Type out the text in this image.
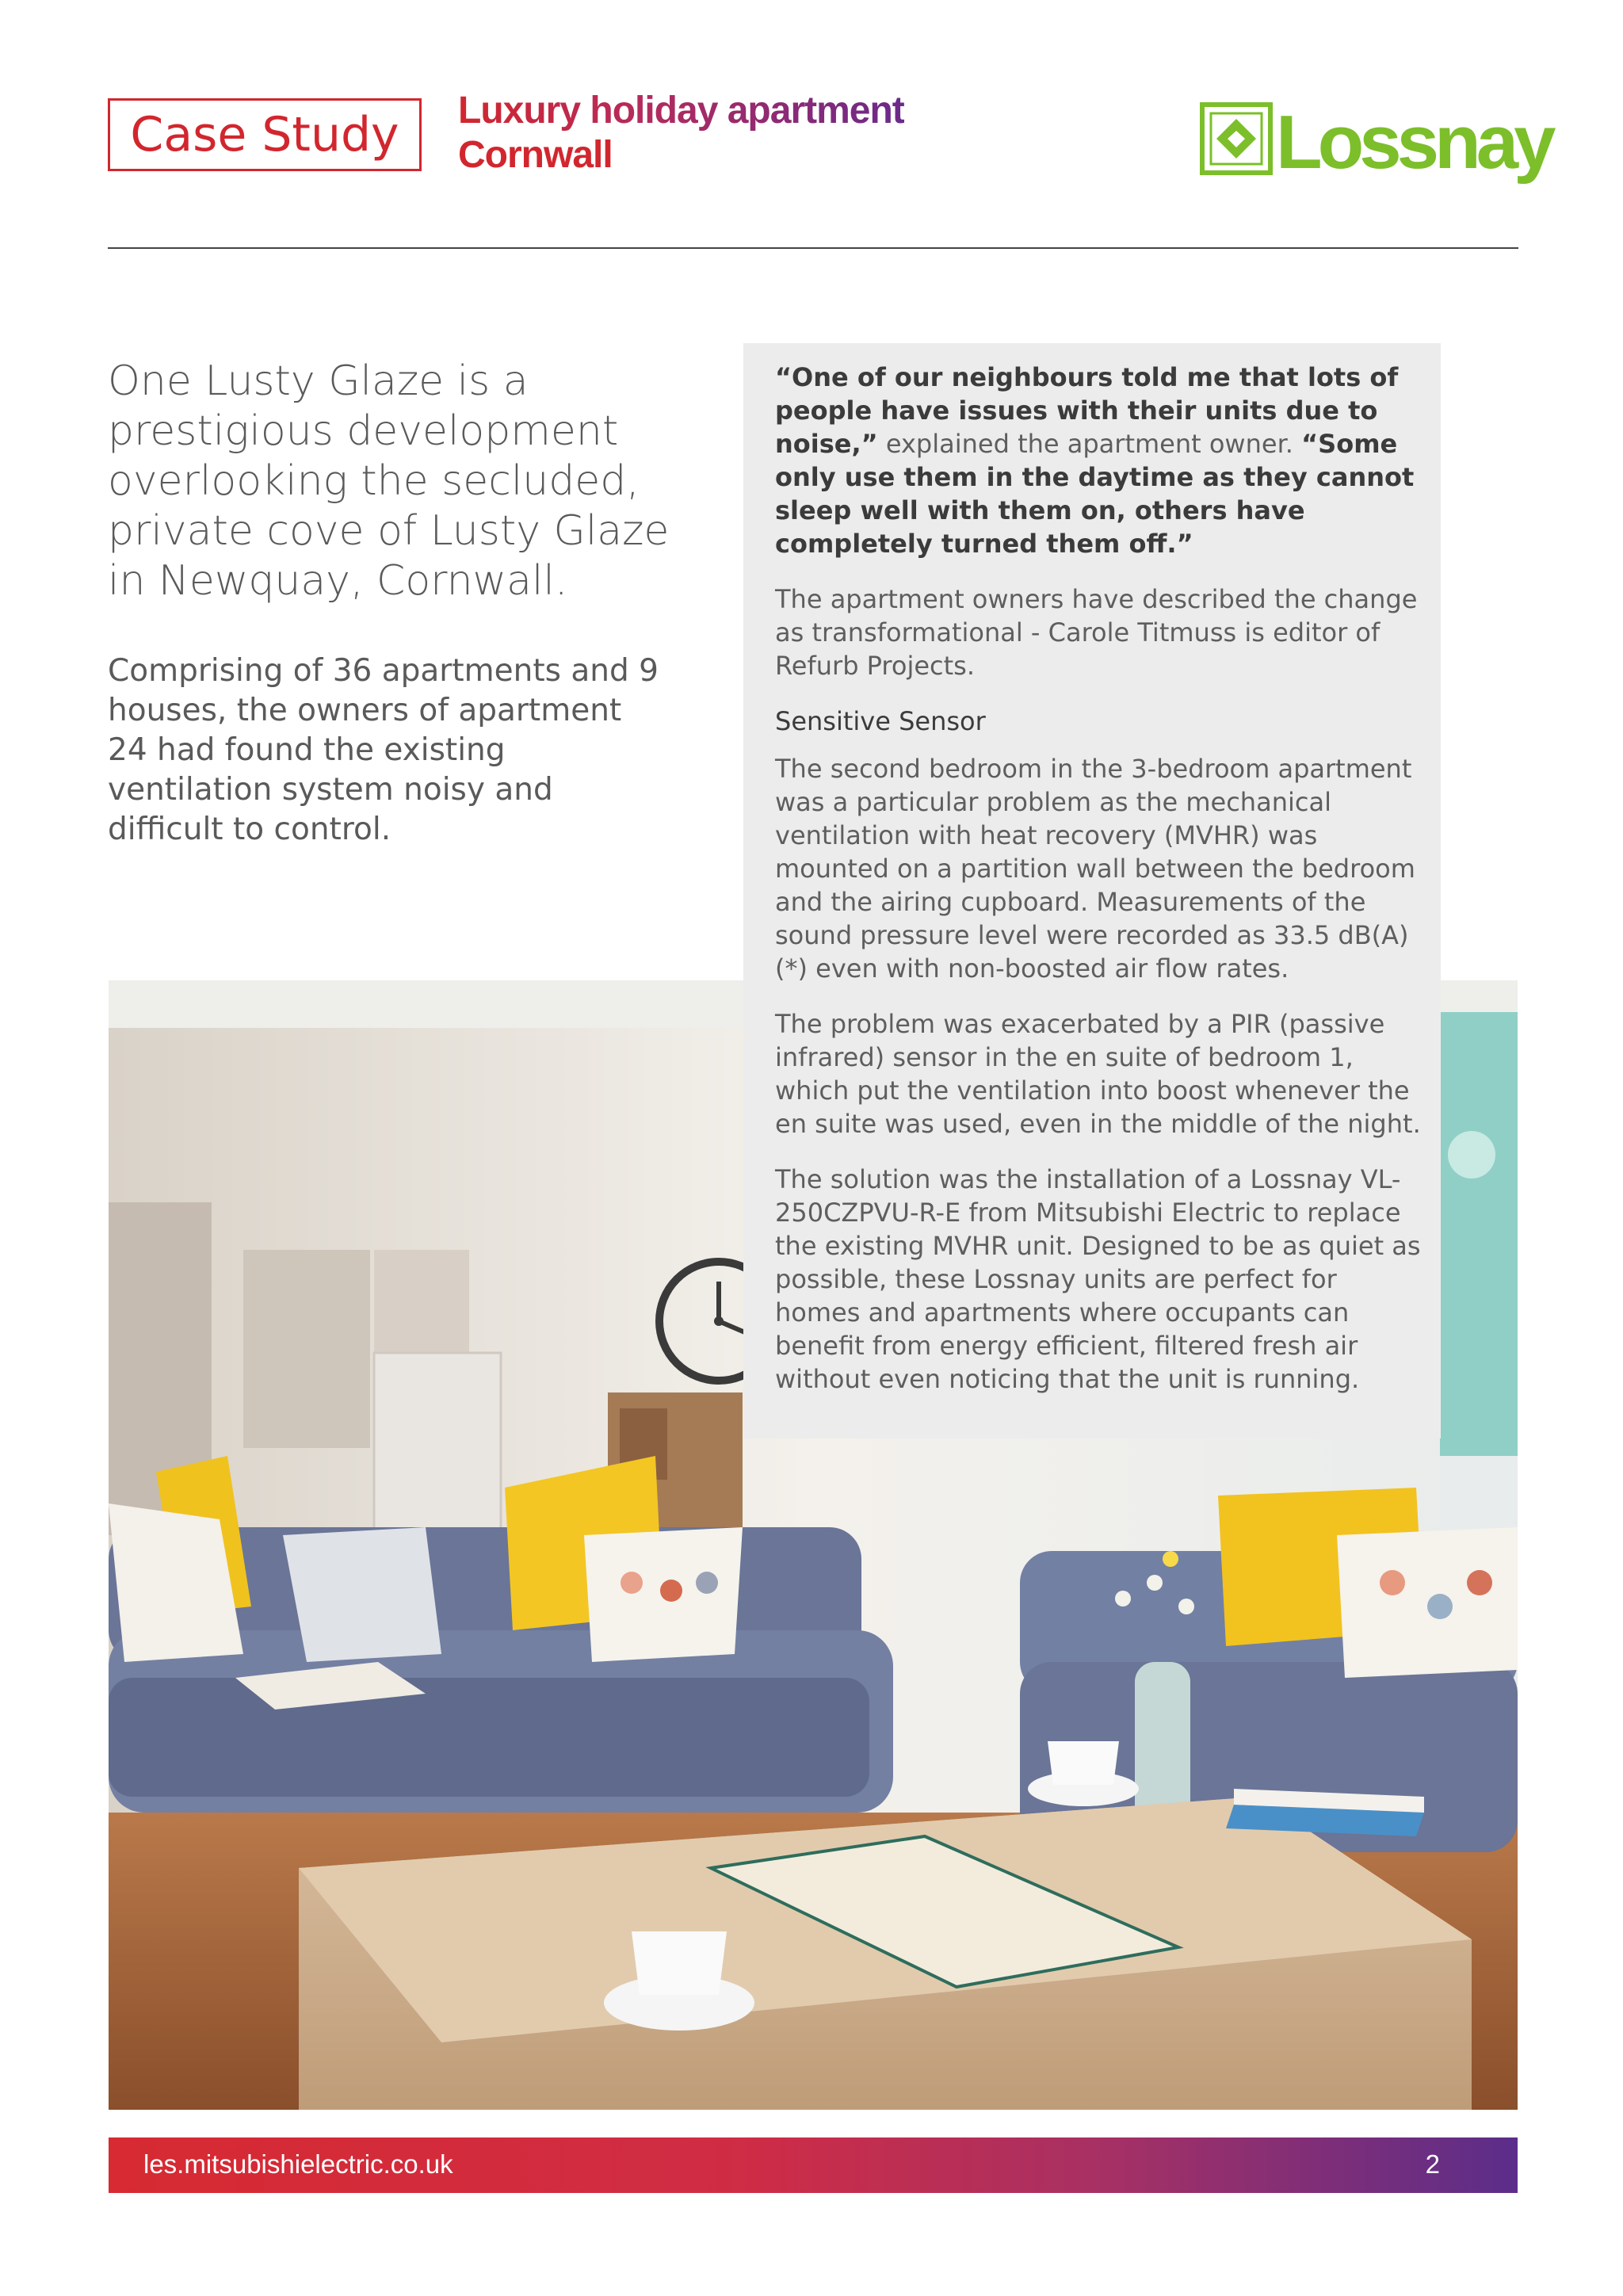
Case Study	Luxury holiday apartment
Cornwall	Lossnay
One Lusty Glaze is a prestigious development overlooking the secluded, private cove of Lusty Glaze in Newquay, Cornwall.
Comprising of 36 apartments and 9 houses, the owners of apartment 24 had found the existing ventilation system noisy and difficult to control.

“One of our neighbours told me that lots of people have issues with their units due to noise,” explained the apartment owner. “Some only use them in the daytime as they cannot sleep well with them on, others have completely turned them off.”

The apartment owners have described the change as transformational - Carole Titmuss is editor of Refurb Projects.

Sensitive Sensor

The second bedroom in the 3-bedroom apartment was a particular problem as the mechanical ventilation with heat recovery (MVHR) was mounted on a partition wall between the bedroom and the airing cupboard. Measurements of the sound pressure level were recorded as 33.5 dB(A) (*) even with non-boosted air flow rates.

The problem was exacerbated by a PIR (passive infrared) sensor in the en suite of bedroom 1, which put the ventilation into boost whenever the en suite was used, even in the middle of the night.

The solution was the installation of a Lossnay VL-250CZPVU-R-E from Mitsubishi Electric to replace the existing MVHR unit. Designed to be as quiet as possible, these Lossnay units are perfect for homes and apartments where occupants can benefit from energy efficient, filtered fresh air without even noticing that the unit is running.

les.mitsubishielectric.co.uk	2
